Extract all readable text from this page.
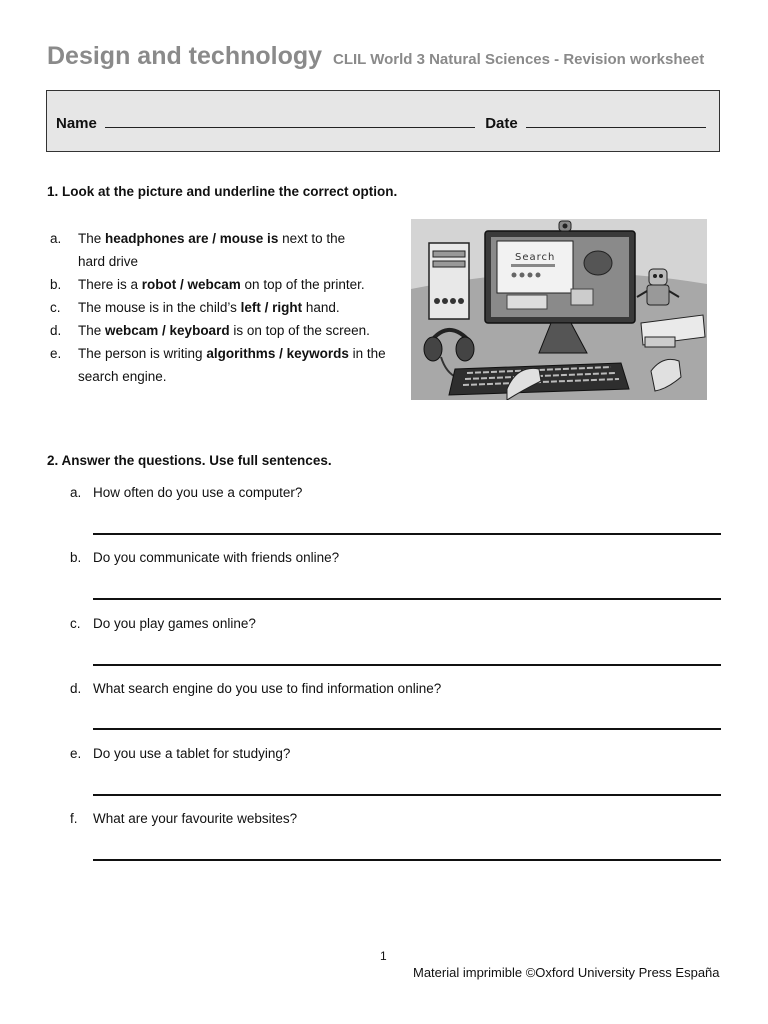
Design and technology CLIL World 3 Natural Sciences - Revision worksheet
Name	Date
1. Look at the picture and underline the correct option.
a. The headphones are / mouse is next to the hard drive
b. There is a robot / webcam on top of the printer.
c. The mouse is in the child’s left / right hand.
d. The webcam / keyboard is on top of the screen.
e. The person is writing algorithms / keywords in the search engine.
Search
2. Answer the questions. Use full sentences.
a. How often do you use a computer?
b. Do you communicate with friends online?
c. Do you play games online?
d. What search engine do you use to find information online?
e. Do you use a tablet for studying?
f. What are your favourite websites?
1
Material imprimible ©Oxford University Press España
